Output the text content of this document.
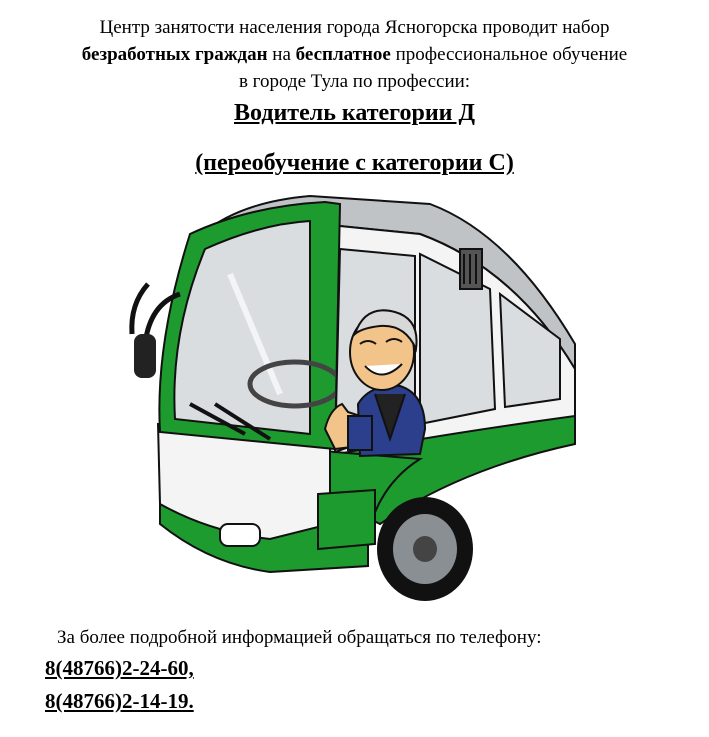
Центр занятости населения города Ясногорска проводит набор
безработных граждан на бесплатное профессиональное обучение
в городе Тула по профессии:
Водитель категории Д
(переобучение с категории С)
За более подробной информацией обращаться по телефону:
8(48766)2-24-60,
8(48766)2-14-19.
